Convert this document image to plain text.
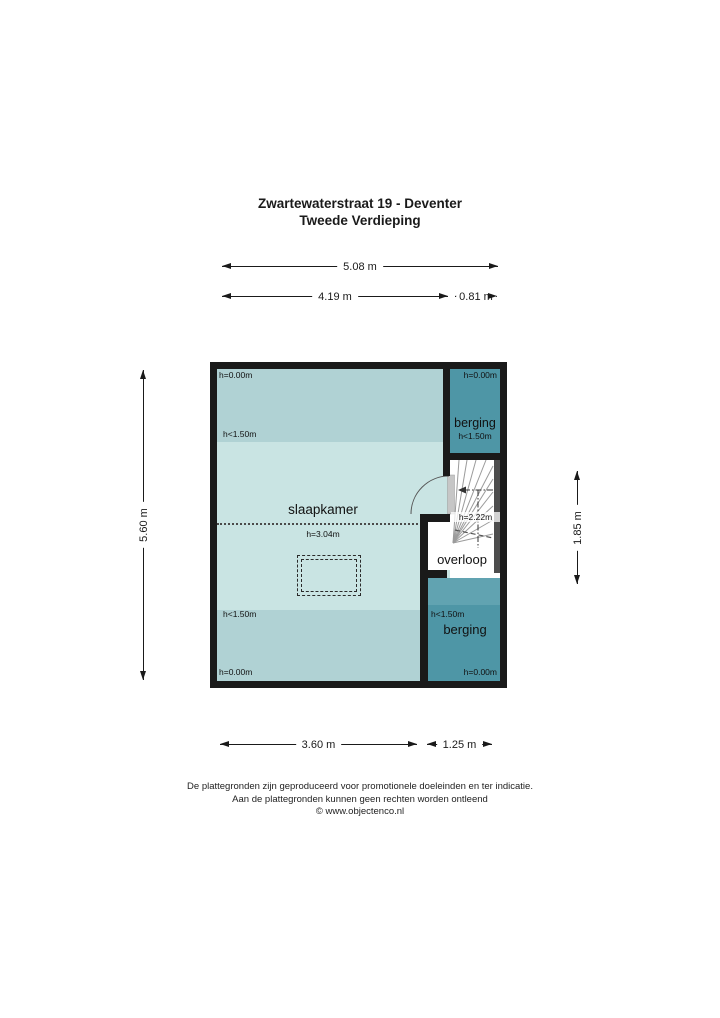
Zwartewaterstraat 19 - Deventer
Tweede Verdieping
5.08 m
4.19 m	0.81 m
5.60 m	1.85 m
3.60 m	1.25 m
h=0.00m
h<1.50m
slaapkamer
h=3.04m
h<1.50m
h=0.00m
h=0.00m
berging
h<1.50m
h=2.22m
overloop
h<1.50m
berging
h=0.00m
De plattegronden zijn geproduceerd voor promotionele doeleinden en ter indicatie.
Aan de plattegronden kunnen geen rechten worden ontleend
© www.objectenco.nl
